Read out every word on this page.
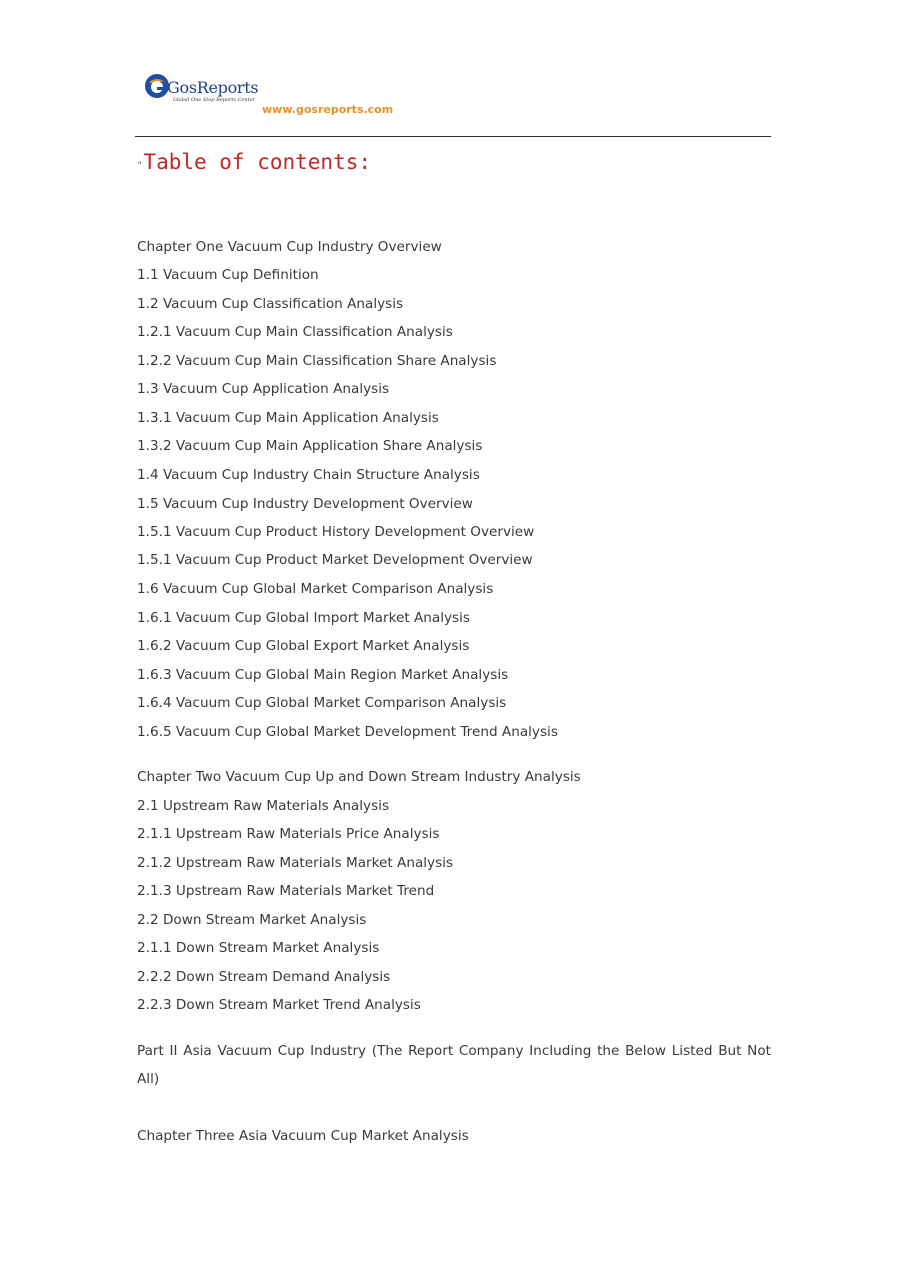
GosReports
Global One Stop Reports Center
www.gosreports.com
"Table of contents:
Chapter One Vacuum Cup Industry Overview
1.1 Vacuum Cup Definition
1.2 Vacuum Cup Classification Analysis
1.2.1 Vacuum Cup Main Classification Analysis
1.2.2 Vacuum Cup Main Classification Share Analysis
1.3 Vacuum Cup Application Analysis
1.3.1 Vacuum Cup Main Application Analysis
1.3.2 Vacuum Cup Main Application Share Analysis
1.4 Vacuum Cup Industry Chain Structure Analysis
1.5 Vacuum Cup Industry Development Overview
1.5.1 Vacuum Cup Product History Development Overview
1.5.1 Vacuum Cup Product Market Development Overview
1.6 Vacuum Cup Global Market Comparison Analysis
1.6.1 Vacuum Cup Global Import Market Analysis
1.6.2 Vacuum Cup Global Export Market Analysis
1.6.3 Vacuum Cup Global Main Region Market Analysis
1.6.4 Vacuum Cup Global Market Comparison Analysis
1.6.5 Vacuum Cup Global Market Development Trend Analysis
Chapter Two Vacuum Cup Up and Down Stream Industry Analysis
2.1 Upstream Raw Materials Analysis
2.1.1 Upstream Raw Materials Price Analysis
2.1.2 Upstream Raw Materials Market Analysis
2.1.3 Upstream Raw Materials Market Trend
2.2 Down Stream Market Analysis
2.1.1 Down Stream Market Analysis
2.2.2 Down Stream Demand Analysis
2.2.3 Down Stream Market Trend Analysis
Part II Asia Vacuum Cup Industry (The Report Company Including the Below Listed But Not All)
Chapter Three Asia Vacuum Cup Market Analysis
